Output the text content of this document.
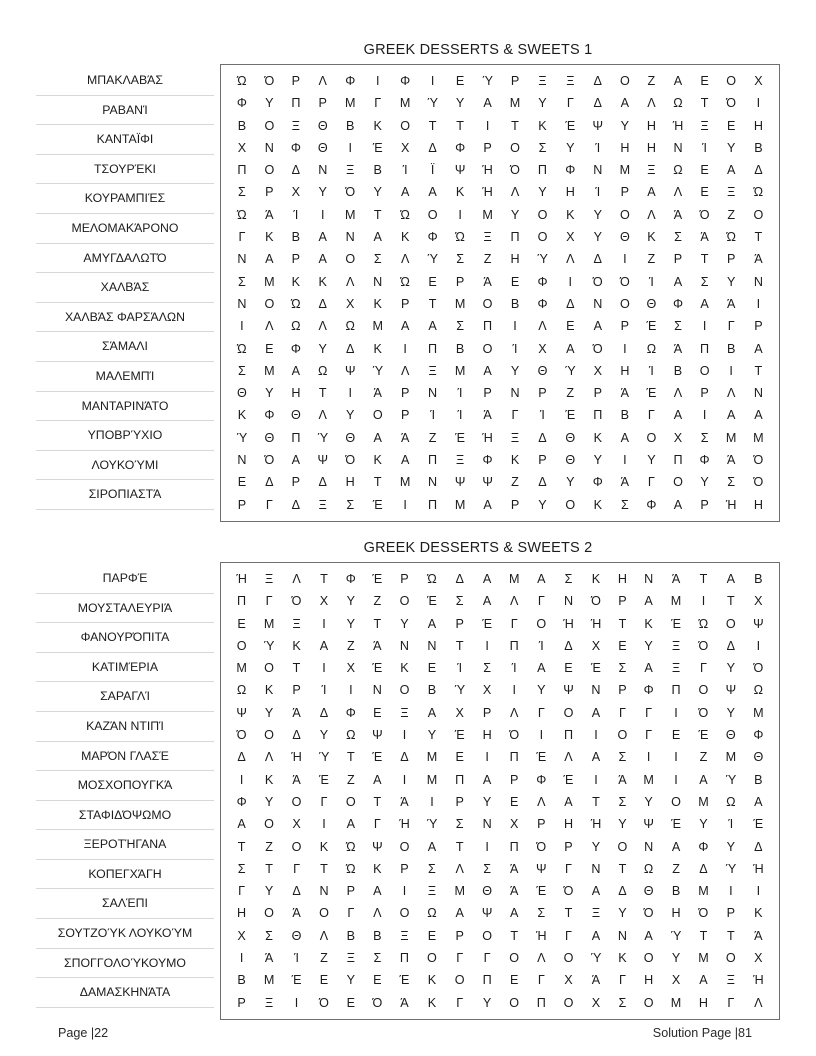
GREEK DESSERTS & SWEETS 1
ΜΠΑΚΛΑΒΆΣ
ΡΑΒΑΝΊ
ΚΑΝΤΑΪΦΙ
ΤΣΟΥΡΈΚΙ
ΚΟΥΡΑΜΠΙΈΣ
ΜΕΛΟΜΑΚΆΡΟΝΟ
ΑΜΥΓΔΑΛΩΤΌ
ΧΑΛΒΆΣ
ΧΑΛΒΆΣ ΦΑΡΣΆΛΩΝ
ΣΆΜΑΛΙ
ΜΑΛΕΜΠΊ
ΜΑΝΤΑΡΙΝΆΤΟ
ΥΠΟΒΡΎΧΙΟ
ΛΟΥΚΟΎΜΙ
ΣΙΡΟΠΙΑΣΤΆ
Ώ	Ό	Ρ	Λ	Φ	Ι	Φ	Ι	Ε	Ύ	Ρ	Ξ	Ξ	Δ	Ο	Ζ	Α	Ε	Ο	Χ
Φ	Υ	Π	Ρ	Μ	Γ	Μ	Ύ	Υ	Α	Μ	Υ	Γ	Δ	Α	Λ	Ω	Τ	Ό	Ι
Β	Ο	Ξ	Θ	Β	Κ	Ο	Τ	Τ	Ι	Τ	Κ	Έ	Ψ	Υ	Η	Ή	Ξ	Ε	Η
Χ	Ν	Φ	Θ	Ι	Έ	Χ	Δ	Φ	Ρ	Ο	Σ	Υ	Ί	Η	Η	Ν	Ί	Υ	Β
Π	Ο	Δ	Ν	Ξ	Β	Ί	Ϊ	Ψ	Ή	Ό	Π	Φ	Ν	Μ	Ξ	Ω	Ε	Α	Δ
Σ	Ρ	Χ	Υ	Ό	Υ	Α	Α	Κ	Ή	Λ	Υ	Η	Ί	Ρ	Α	Λ	Ε	Ξ	Ώ
Ώ	Ά	Ί	Ι	Μ	Τ	Ώ	Ο	Ι	Μ	Υ	Ο	Κ	Υ	Ο	Λ	Ά	Ό	Ζ	Ο
Γ	Κ	Β	Α	Ν	Α	Κ	Φ	Ώ	Ξ	Π	Ο	Χ	Υ	Θ	Κ	Σ	Ά	Ώ	Τ
Ν	Α	Ρ	Α	Ο	Σ	Λ	Ύ	Σ	Ζ	Η	Ύ	Λ	Δ	Ι	Ζ	Ρ	Τ	Ρ	Ά
Σ	Μ	Κ	Κ	Λ	Ν	Ώ	Ε	Ρ	Ά	Ε	Φ	Ι	Ό	Ό	Ί	Α	Σ	Υ	Ν
Ν	Ο	Ώ	Δ	Χ	Κ	Ρ	Τ	Μ	Ο	Β	Φ	Δ	Ν	Ο	Θ	Φ	Α	Ά	Ι
Ι	Λ	Ω	Λ	Ω	Μ	Α	Α	Σ	Π	Ι	Λ	Ε	Α	Ρ	Έ	Σ	Ι	Γ	Ρ
Ώ	Ε	Φ	Υ	Δ	Κ	Ι	Π	Β	Ο	Ί	Χ	Α	Ό	Ι	Ω	Ά	Π	Β	Α
Σ	Μ	Α	Ω	Ψ	Ύ	Λ	Ξ	Μ	Α	Υ	Θ	Ύ	Χ	Η	Ί	Β	Ο	Ι	Τ
Θ	Υ	Η	Τ	Ι	Ά	Ρ	Ν	Ί	Ρ	Ν	Ρ	Ζ	Ρ	Ά	Έ	Λ	Ρ	Λ	Ν
Κ	Φ	Θ	Λ	Υ	Ο	Ρ	Ί	Ί	Ά	Γ	Ί	Έ	Π	Β	Γ	Α	Ι	Α	Α
Ύ	Θ	Π	Ύ	Θ	Α	Ά	Ζ	Έ	Ή	Ξ	Δ	Θ	Κ	Α	Ο	Χ	Σ	Μ	Μ
Ν	Ό	Α	Ψ	Ό	Κ	Α	Π	Ξ	Φ	Κ	Ρ	Θ	Υ	Ι	Υ	Π	Φ	Ά	Ό
Ε	Δ	Ρ	Δ	Η	Τ	Μ	Ν	Ψ	Ψ	Ζ	Δ	Υ	Φ	Ά	Γ	Ο	Υ	Σ	Ό
Ρ	Γ	Δ	Ξ	Σ	Έ	Ι	Π	Μ	Α	Ρ	Υ	Ο	Κ	Σ	Φ	Α	Ρ	Ή	Η
GREEK DESSERTS & SWEETS 2
ΠΑΡΦΈ
ΜΟΥΣΤΑΛΕΥΡΙΆ
ΦΑΝΟΥΡΌΠΙΤΑ
ΚΑΤΙΜΈΡΙΑ
ΣΑΡΑΓΛΊ
ΚΑΖΆΝ ΝΤΙΠΊ
ΜΑΡΌΝ ΓΛΑΣΈ
ΜΟΣΧΟΠΟΥΓΚΆ
ΣΤΑΦΙΔΌΨΩΜΟ
ΞΕΡΟΤΉΓΑΝΑ
ΚΟΠΕΓΧΆΓΗ
ΣΑΛΈΠΙ
ΣΟΥΤΖΟΎΚ ΛΟΥΚΟΎΜ
ΣΠΟΓΓΟΛΟΎΚΟΥΜΟ
ΔΑΜΑΣΚΗΝΆΤΑ
Ή	Ξ	Λ	Τ	Φ	Έ	Ρ	Ώ	Δ	Α	Μ	Α	Σ	Κ	Η	Ν	Ά	Τ	Α	Β
Π	Γ	Ό	Χ	Υ	Ζ	Ο	Έ	Σ	Α	Λ	Γ	Ν	Ό	Ρ	Α	Μ	Ι	Τ	Χ
Ε	Μ	Ξ	Ι	Υ	Τ	Υ	Α	Ρ	Έ	Γ	Ο	Ή	Ή	Τ	Κ	Έ	Ώ	Ο	Ψ
Ο	Ύ	Κ	Α	Ζ	Ά	Ν	Ν	Τ	Ι	Π	Ί	Δ	Χ	Ε	Υ	Ξ	Ό	Δ	Ι
Μ	Ο	Τ	Ι	Χ	Έ	Κ	Ε	Ί	Σ	Ί	Α	Ε	Έ	Σ	Α	Ξ	Γ	Υ	Ό
Ω	Κ	Ρ	Ί	Ι	Ν	Ο	Β	Ύ	Χ	Ι	Υ	Ψ	Ν	Ρ	Φ	Π	Ο	Ψ	Ω
Ψ	Υ	Ά	Δ	Φ	Ε	Ξ	Α	Χ	Ρ	Λ	Γ	Ο	Α	Γ	Γ	Ι	Ό	Υ	Μ
Ό	Ο	Δ	Υ	Ω	Ψ	Ι	Υ	Έ	Η	Ό	Ι	Π	Ι	Ο	Γ	Ε	Έ	Θ	Φ
Δ	Λ	Ή	Ύ	Τ	Έ	Δ	Μ	Ε	Ι	Π	Έ	Λ	Α	Σ	Ι	Ι	Ζ	Μ	Θ
Ι	Κ	Ά	Έ	Ζ	Α	Ι	Μ	Π	Α	Ρ	Φ	Έ	Ι	Ά	Μ	Ι	Α	Ύ	Β
Φ	Υ	Ο	Γ	Ο	Τ	Ά	Ι	Ρ	Υ	Ε	Λ	Α	Τ	Σ	Υ	Ο	Μ	Ω	Α
Α	Ο	Χ	Ι	Α	Γ	Ή	Ύ	Σ	Ν	Χ	Ρ	Η	Ή	Υ	Ψ	Έ	Υ	Ί	Έ
Τ	Ζ	Ο	Κ	Ώ	Ψ	Ο	Α	Τ	Ι	Π	Ό	Ρ	Υ	Ο	Ν	Α	Φ	Υ	Δ
Σ	Τ	Γ	Τ	Ώ	Κ	Ρ	Σ	Λ	Σ	Ά	Ψ	Γ	Ν	Τ	Ω	Ζ	Δ	Ύ	Ή
Γ	Υ	Δ	Ν	Ρ	Α	Ι	Ξ	Μ	Θ	Ά	Έ	Ό	Α	Δ	Θ	Β	Μ	Ι	Ι
Η	Ο	Ά	Ο	Γ	Λ	Ο	Ω	Α	Ψ	Α	Σ	Τ	Ξ	Υ	Ό	Η	Ό	Ρ	Κ
Χ	Σ	Θ	Λ	Β	Β	Ξ	Ε	Ρ	Ο	Τ	Ή	Γ	Α	Ν	Α	Ύ	Τ	Τ	Ά
Ι	Ά	Ί	Ζ	Ξ	Σ	Π	Ο	Γ	Γ	Ο	Λ	Ο	Ύ	Κ	Ο	Υ	Μ	Ο	Χ
Β	Μ	Έ	Ε	Υ	Ε	Έ	Κ	Ο	Π	Ε	Γ	Χ	Ά	Γ	Η	Χ	Α	Ξ	Ή
Ρ	Ξ	Ι	Ό	Ε	Ό	Ά	Κ	Γ	Υ	Ο	Π	Ο	Χ	Σ	Ο	Μ	Η	Γ	Λ
Page |22	Solution Page |81
